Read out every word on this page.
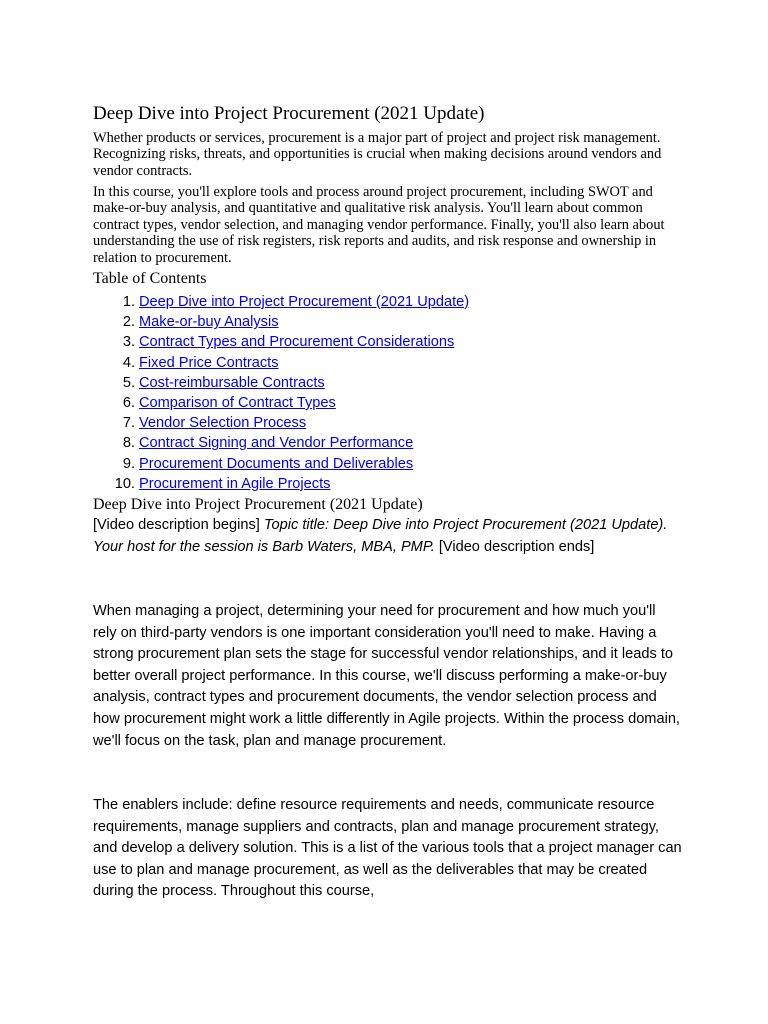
Deep Dive into Project Procurement (2021 Update)

Whether products or services, procurement is a major part of project and project risk management. Recognizing risks, threats, and opportunities is crucial when making decisions around vendors and vendor contracts.

In this course, you'll explore tools and process around project procurement, including SWOT and make-or-buy analysis, and quantitative and qualitative risk analysis. You'll learn about common contract types, vendor selection, and managing vendor performance. Finally, you'll also learn about understanding the use of risk registers, risk reports and audits, and risk response and ownership in relation to procurement.

Table of Contents
1. Deep Dive into Project Procurement (2021 Update)
2. Make-or-buy Analysis
3. Contract Types and Procurement Considerations
4. Fixed Price Contracts
5. Cost-reimbursable Contracts
6. Comparison of Contract Types
7. Vendor Selection Process
8. Contract Signing and Vendor Performance
9. Procurement Documents and Deliverables
10. Procurement in Agile Projects
Deep Dive into Project Procurement (2021 Update)

[Video description begins] Topic title: Deep Dive into Project Procurement (2021 Update). Your host for the session is Barb Waters, MBA, PMP. [Video description ends]

When managing a project, determining your need for procurement and how much you'll rely on third-party vendors is one important consideration you'll need to make. Having a strong procurement plan sets the stage for successful vendor relationships, and it leads to better overall project performance. In this course, we'll discuss performing a make-or-buy analysis, contract types and procurement documents, the vendor selection process and how procurement might work a little differently in Agile projects. Within the process domain, we'll focus on the task, plan and manage procurement.

The enablers include: define resource requirements and needs, communicate resource requirements, manage suppliers and contracts, plan and manage procurement strategy, and develop a delivery solution. This is a list of the various tools that a project manager can use to plan and manage procurement, as well as the deliverables that may be created during the process. Throughout this course,
